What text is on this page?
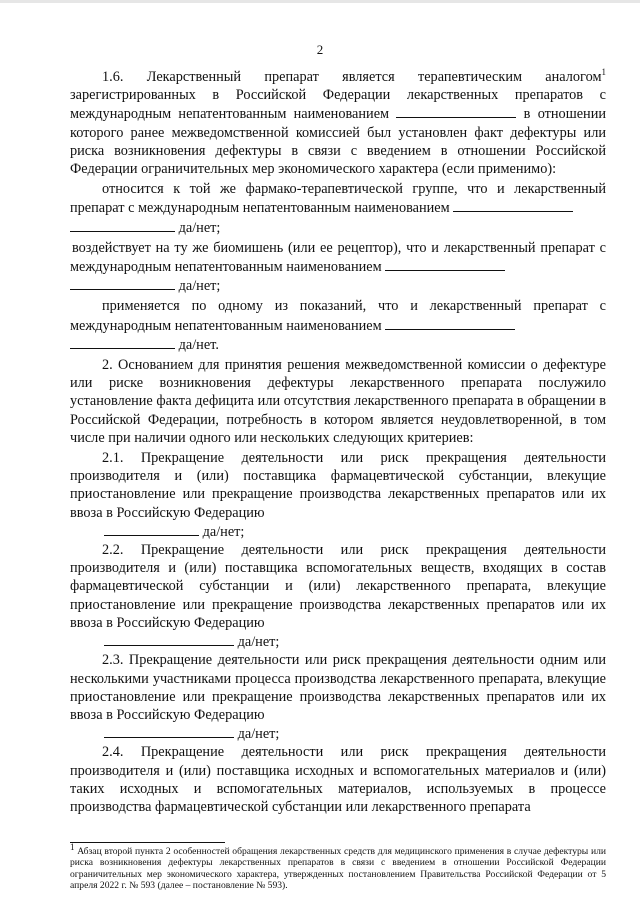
2

1.6. Лекарственный препарат является терапевтическим аналогом$^1$ зарегистрированных в Российской Федерации лекарственных препаратов с международным непатентованным наименованием	в отношении которого ранее межведомственной комиссией был установлен факт дефектуры или риска возникновения дефектуры в связи с введением в отношении Российской Федерации ограничительных мер экономического характера (если применимо):

относится к той же фармако-терапевтической группе, что и лекарственный препарат с международным непатентованным наименованием

да/нет;

воздействует на ту же биомишень (или ее рецептор), что и лекарственный препарат с международным непатентованным наименованием

да/нет;

применяется по одному из показаний, что и лекарственный препарат с международным непатентованным наименованием

да/нет.

2. Основанием для принятия решения межведомственной комиссии о дефектуре или риске возникновения дефектуры лекарственного препарата послужило установление факта дефицита или отсутствия лекарственного препарата в обращении в Российской Федерации, потребность в котором является неудовлетворенной, в том числе при наличии одного или нескольких следующих критериев:

2.1. Прекращение деятельности или риск прекращения деятельности производителя и (или) поставщика фармацевтической субстанции, влекущие приостановление или прекращение производства лекарственных препаратов или их ввоза в Российскую Федерацию

да/нет;

2.2. Прекращение деятельности или риск прекращения деятельности производителя и (или) поставщика вспомогательных веществ, входящих в состав фармацевтической субстанции и (или) лекарственного препарата, влекущие приостановление или прекращение производства лекарственных препаратов или их ввоза в Российскую Федерацию

да/нет;

2.3. Прекращение деятельности или риск прекращения деятельности одним или несколькими участниками процесса производства лекарственного препарата, влекущие приостановление или прекращение производства лекарственных препаратов или их ввоза в Российскую Федерацию

да/нет;

2.4. Прекращение деятельности или риск прекращения деятельности производителя и (или) поставщика исходных и вспомогательных материалов и (или) таких исходных и вспомогательных материалов, используемых в процессе производства фармацевтической субстанции или лекарственного препарата

$^1$ Абзац второй пункта 2 особенностей обращения лекарственных средств для медицинского применения в случае дефектуры или риска возникновения дефектуры лекарственных препаратов в связи с введением в отношении Российской Федерации ограничительных мер экономического характера, утвержденных постановлением Правительства Российской Федерации от 5 апреля 2022 г. № 593 (далее – постановление № 593).
